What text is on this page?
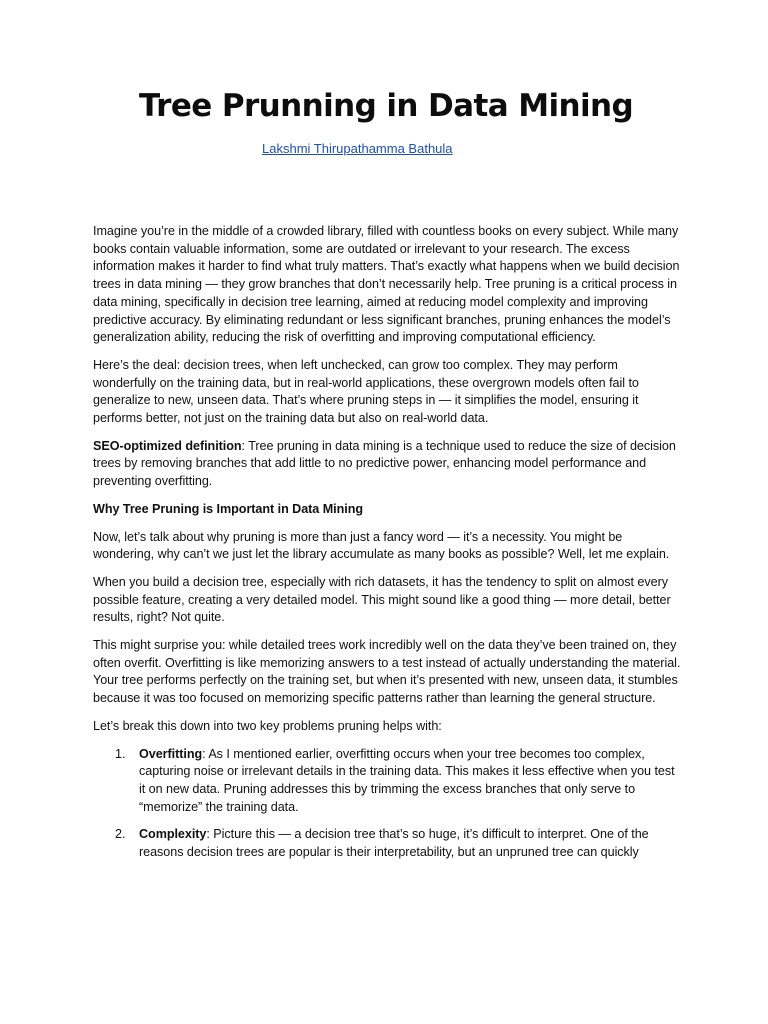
Tree Prunning in Data Mining
Lakshmi Thirupathamma Bathula

Imagine you’re in the middle of a crowded library, filled with countless books on every subject. While many books contain valuable information, some are outdated or irrelevant to your research. The excess information makes it harder to find what truly matters. That’s exactly what happens when we build decision trees in data mining — they grow branches that don’t necessarily help. Tree pruning is a critical process in data mining, specifically in decision tree learning, aimed at reducing model complexity and improving predictive accuracy. By eliminating redundant or less significant branches, pruning enhances the model’s generalization ability, reducing the risk of overfitting and improving computational efficiency.

Here’s the deal: decision trees, when left unchecked, can grow too complex. They may perform wonderfully on the training data, but in real-world applications, these overgrown models often fail to generalize to new, unseen data. That’s where pruning steps in — it simplifies the model, ensuring it performs better, not just on the training data but also on real-world data.

SEO-optimized definition: Tree pruning in data mining is a technique used to reduce the size of decision trees by removing branches that add little to no predictive power, enhancing model performance and preventing overfitting.

Why Tree Pruning is Important in Data Mining

Now, let’s talk about why pruning is more than just a fancy word — it’s a necessity. You might be wondering, why can’t we just let the library accumulate as many books as possible? Well, let me explain.

When you build a decision tree, especially with rich datasets, it has the tendency to split on almost every possible feature, creating a very detailed model. This might sound like a good thing — more detail, better results, right? Not quite.

This might surprise you: while detailed trees work incredibly well on the data they’ve been trained on, they often overfit. Overfitting is like memorizing answers to a test instead of actually understanding the material. Your tree performs perfectly on the training set, but when it’s presented with new, unseen data, it stumbles because it was too focused on memorizing specific patterns rather than learning the general structure.

Let’s break this down into two key problems pruning helps with:

1. Overfitting: As I mentioned earlier, overfitting occurs when your tree becomes too complex, capturing noise or irrelevant details in the training data. This makes it less effective when you test it on new data. Pruning addresses this by trimming the excess branches that only serve to “memorize” the training data.
2. Complexity: Picture this — a decision tree that’s so huge, it’s difficult to interpret. One of the reasons decision trees are popular is their interpretability, but an unpruned tree can quickly
